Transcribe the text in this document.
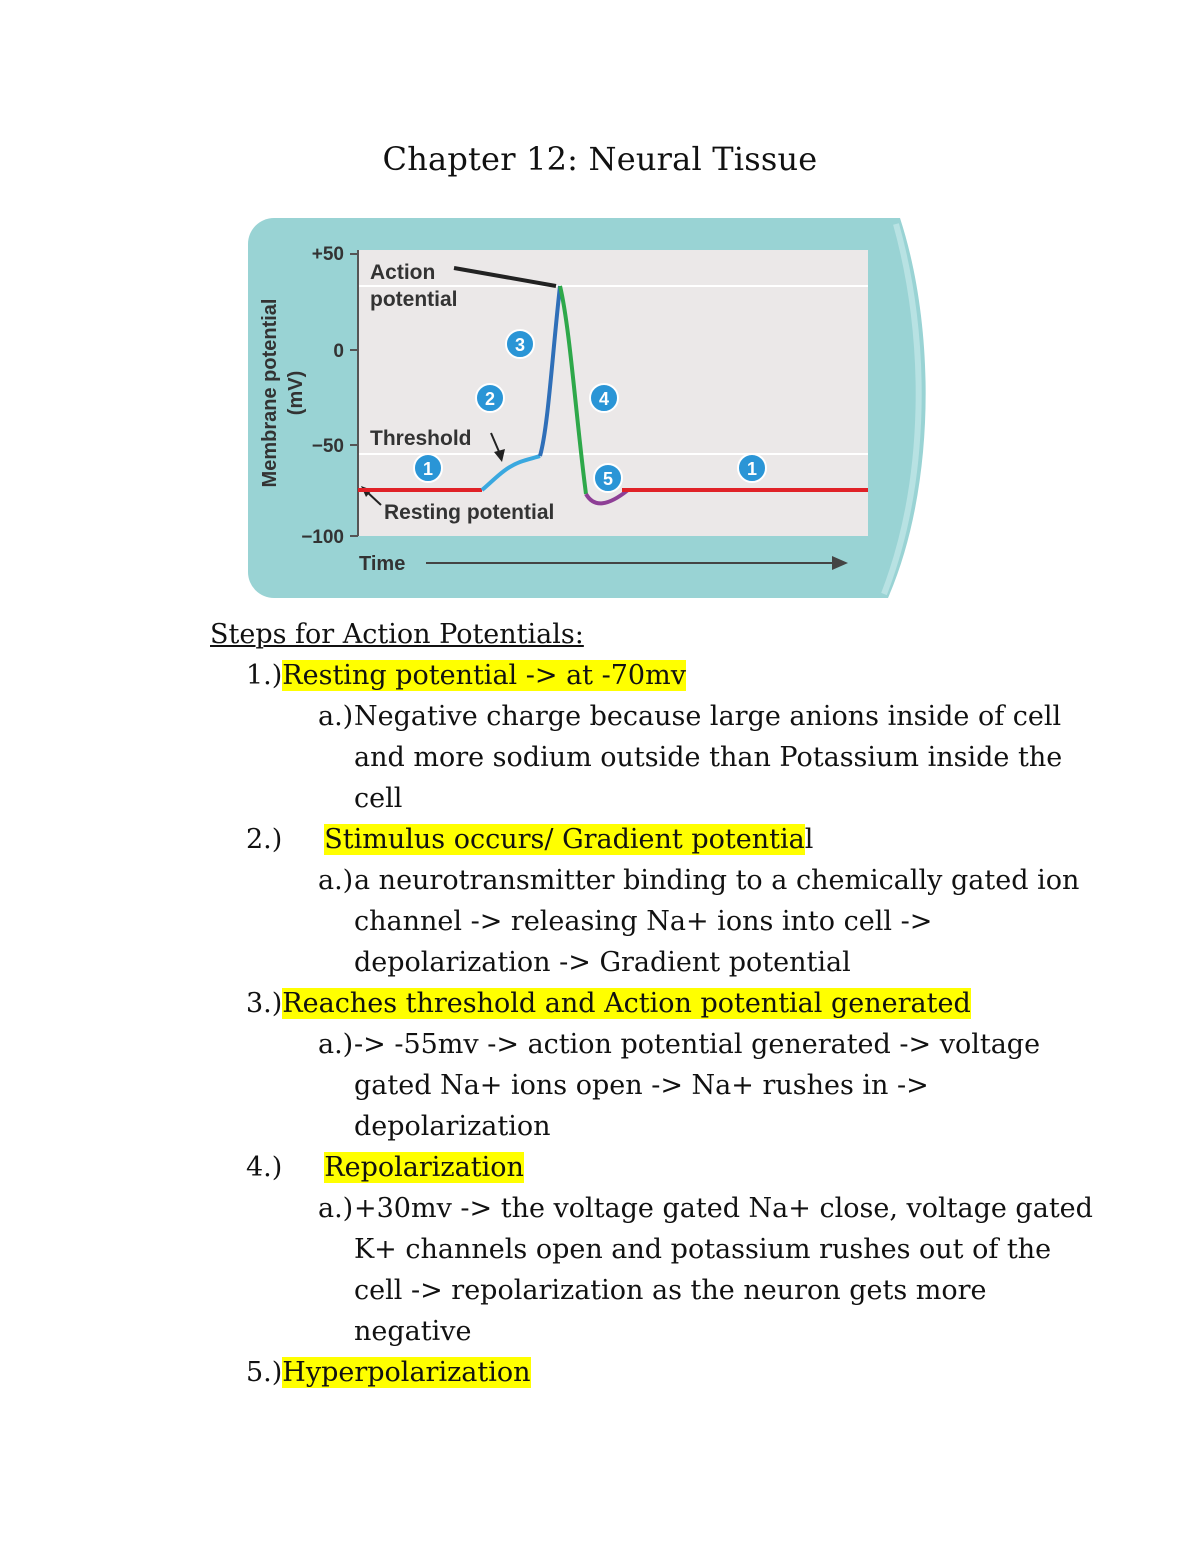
Chapter 12: Neural Tissue
+50
0
−50
−100
Membrane potential (mV)
Time
Action
potential
Threshold
Resting potential
1
2
3
4
5	1
Steps for Action Potentials:
1.)Resting potential -> at -70mv
a.)Negative charge because large anions inside of cell
and more sodium outside than Potassium inside the
cell
2.) Stimulus occurs/ Gradient potential
a.)a neurotransmitter binding to a chemically gated ion
channel -> releasing Na+ ions into cell ->
depolarization -> Gradient potential
3.)Reaches threshold and Action potential generated
a.)-> -55mv -> action potential generated -> voltage
gated Na+ ions open -> Na+ rushes in ->
depolarization
4.) Repolarization
a.)+30mv -> the voltage gated Na+ close, voltage gated
K+ channels open and potassium rushes out of the
cell -> repolarization as the neuron gets more negative
5.)Hyperpolarization
